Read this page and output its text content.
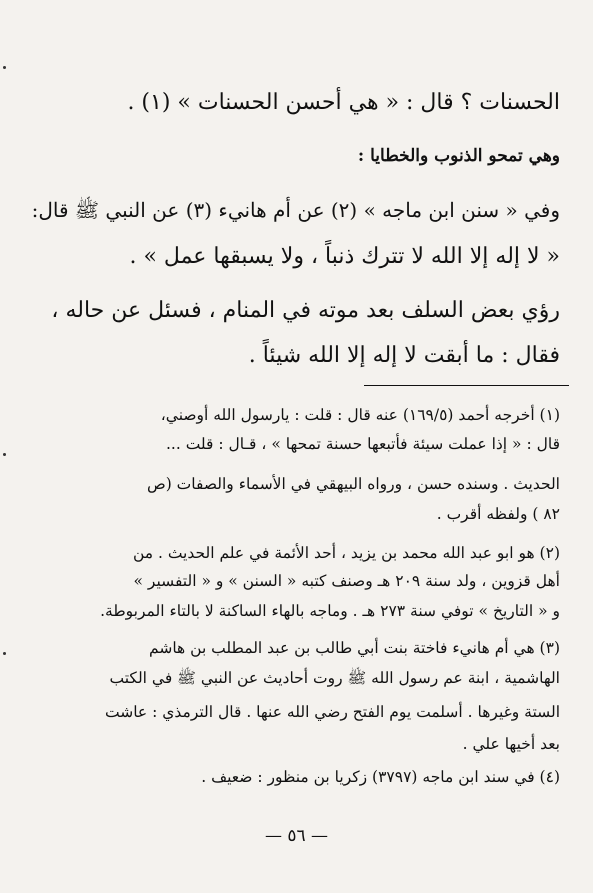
الحسنات ؟ قال : « هي أحسن الحسنات » (١) .
وهي تمحو الذنوب والخطايا :
وفي « سنن ابن ماجه » (٢) عن أم هانيء (٣) عن النبي ﷺ قال:
« لا إله إلا الله لا تترك ذنباً ، ولا يسبقها عمل » .
رؤي بعض السلف بعد موته في المنام ، فسئل عن حاله ،
فقال : ما أبقت لا إله إلا الله شيئاً .
(١) أخرجه أحمد (١٦٩/٥) عنه قال : قلت : يارسول الله أوصني،
قال : « إذا عملت سيئة فأتبعها حسنة تمحها » ، قـال : قلت ...
الحديث . وسنده حسن ، ورواه البيهقي في الأسماء والصفات (ص
٨٢ ) ولفظه أقرب .
(٢) هو ابو عبد الله محمد بن يزيد ، أحد الأئمة في علم الحديث . من
أهل قزوين ، ولد سنة ٢٠٩ هـ وصنف كتبه « السنن » و « التفسير »
و « التاريخ » توفي سنة ٢٧٣ هـ . وماجه بالهاء الساكنة لا بالتاء المربوطة.
(٣) هي أم هانيء فاختة بنت أبي طالب بن عبد المطلب بن هاشم
الهاشمية ، ابنة عم رسول الله ﷺ روت أحاديث عن النبي ﷺ في الكتب
الستة وغيرها . أسلمت يوم الفتح رضي الله عنها . قال الترمذي : عاشت
بعد أخيها علي .
(٤) في سند ابن ماجه (٣٧٩٧) زكريا بن منظور : ضعيف .
— ٥٦ —
